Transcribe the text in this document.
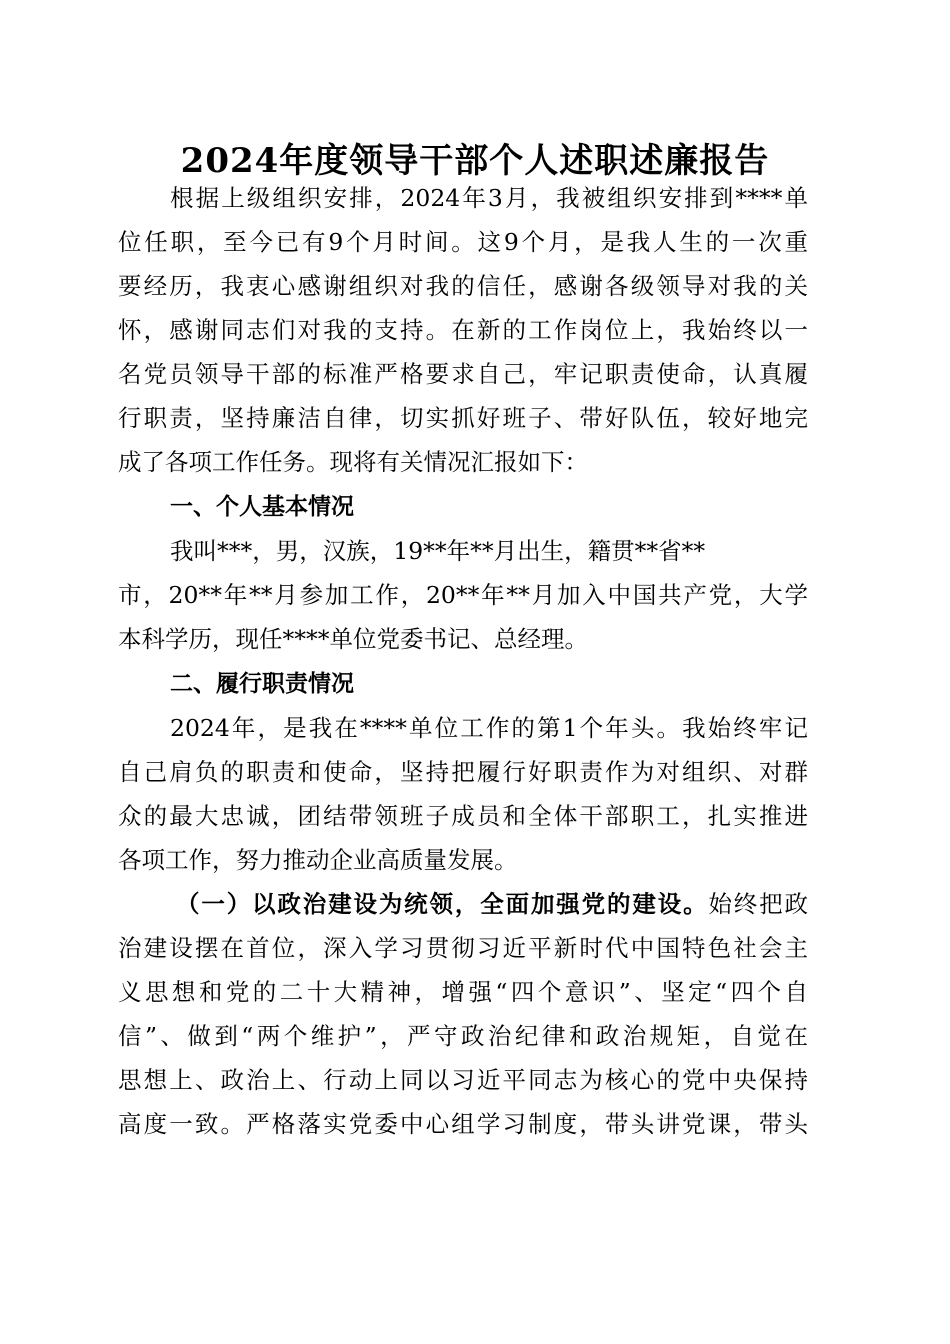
2024年度领导干部个人述职述廉报告
根据上级组织安排，2024年3月，我被组织安排到****单
位任职，至今已有9个月时间。这9个月，是我人生的一次重
要经历，我衷心感谢组织对我的信任，感谢各级领导对我的关
怀，感谢同志们对我的支持。在新的工作岗位上，我始终以一
名党员领导干部的标准严格要求自己，牢记职责使命，认真履
行职责，坚持廉洁自律，切实抓好班子、带好队伍，较好地完
成了各项工作任务。现将有关情况汇报如下：
一、个人基本情况
我叫***，男，汉族，19**年**月出生，籍贯**省**
市，20**年**月参加工作，20**年**月加入中国共产党，大学
本科学历，现任****单位党委书记、总经理。
二、履行职责情况
2024年，是我在****单位工作的第1个年头。我始终牢记
自己肩负的职责和使命，坚持把履行好职责作为对组织、对群
众的最大忠诚，团结带领班子成员和全体干部职工，扎实推进
各项工作，努力推动企业高质量发展。
（一）以政治建设为统领，全面加强党的建设。始终把政
治建设摆在首位，深入学习贯彻习近平新时代中国特色社会主
义思想和党的二十大精神，增强“四个意识”、坚定“四个自
信”、做到“两个维护”，严守政治纪律和政治规矩，自觉在
思想上、政治上、行动上同以习近平同志为核心的党中央保持
高度一致。严格落实党委中心组学习制度，带头讲党课，带头
